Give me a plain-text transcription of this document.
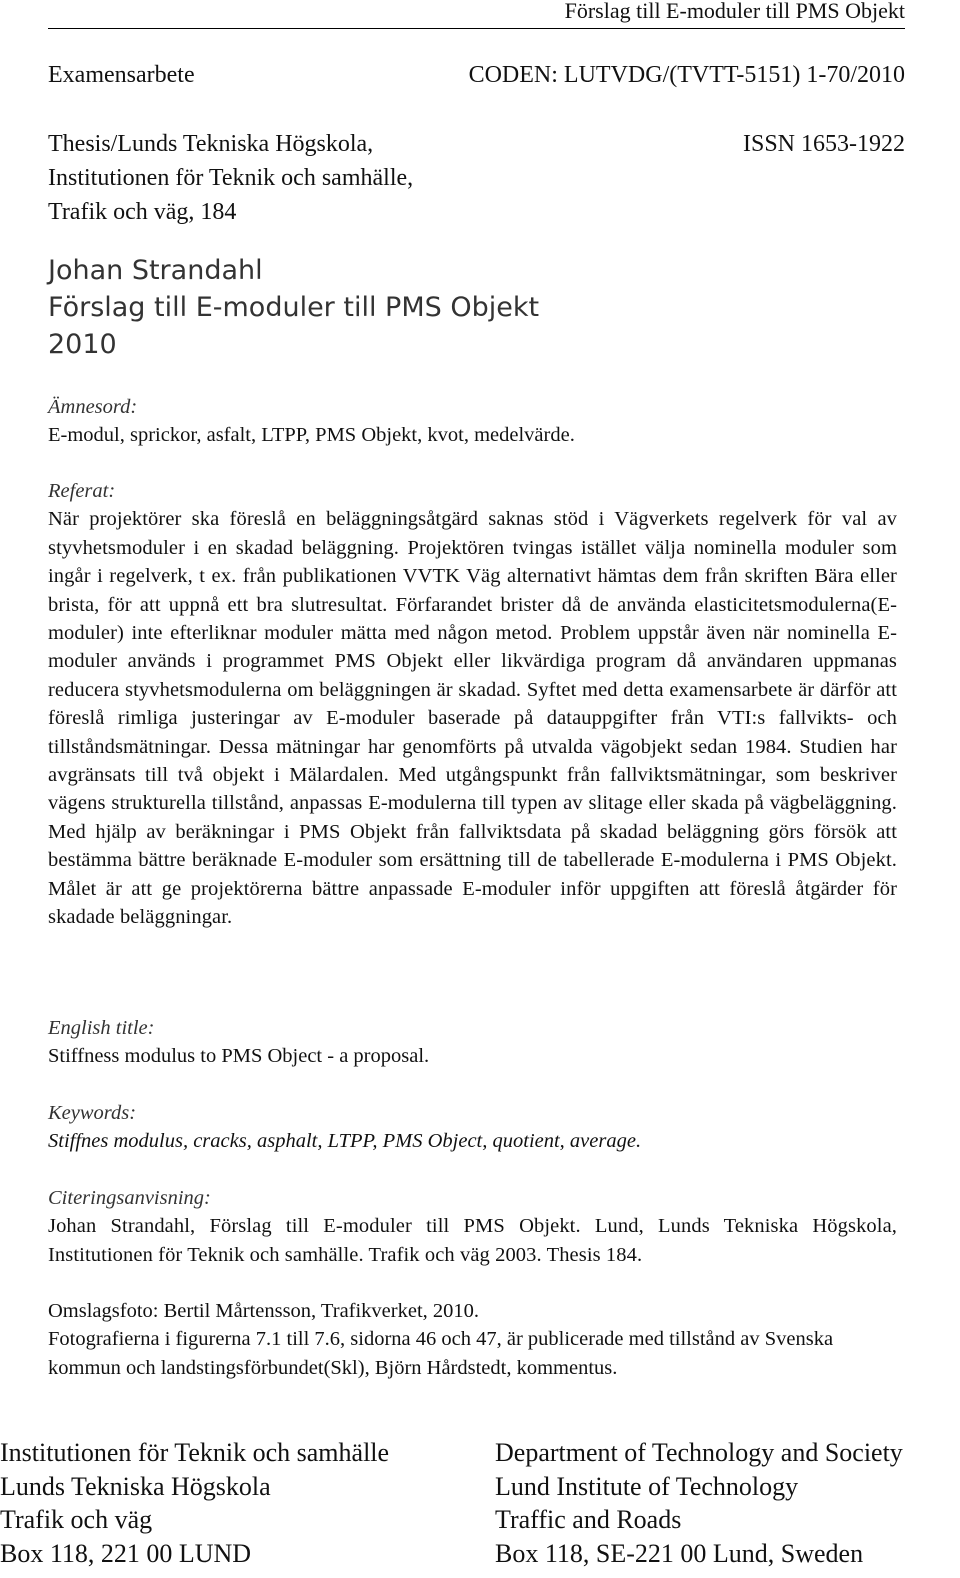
Förslag till E-moduler till PMS Objekt
Examensarbete	CODEN: LUTVDG/(TVTT-5151) 1-70/2010
Thesis/Lunds Tekniska Högskola,
Institutionen för Teknik och samhälle,
Trafik och väg, 184
ISSN 1653-1922
Johan Strandahl
Förslag till E-moduler till PMS Objekt
2010
Ämnesord:
E-modul, sprickor, asfalt, LTPP, PMS Objekt, kvot, medelvärde.
Referat:
När projektörer ska föreslå en beläggningsåtgärd saknas stöd i Vägverkets regelverk för val av styvhetsmoduler i en skadad beläggning. Projektören tvingas istället välja nominella moduler som ingår i regelverk, t ex. från publikationen VVTK Väg alternativt hämtas dem från skriften Bära eller brista, för att uppnå ett bra slutresultat. Förfarandet brister då de använda elasticitetsmodulerna(E-moduler) inte efterliknar moduler mätta med någon metod. Problem uppstår även när nominella E-moduler används i programmet PMS Objekt eller likvärdiga program då användaren uppmanas reducera styvhetsmodulerna om beläggningen är skadad. Syftet med detta examensarbete är därför att föreslå rimliga justeringar av E-moduler baserade på datauppgifter från VTI:s fallvikts- och tillståndsmätningar. Dessa mätningar har genomförts på utvalda vägobjekt sedan 1984. Studien har avgränsats till två objekt i Mälardalen. Med utgångspunkt från fallviktsmätningar, som beskriver vägens strukturella tillstånd, anpassas E-modulerna till typen av slitage eller skada på vägbeläggning. Med hjälp av beräkningar i PMS Objekt från fallviktsdata på skadad beläggning görs försök att bestämma bättre beräknade E-moduler som ersättning till de tabellerade E-modulerna i PMS Objekt. Målet är att ge projektörerna bättre anpassade E-moduler inför uppgiften att föreslå åtgärder för skadade beläggningar.
English title:
Stiffness modulus to PMS Object - a proposal.
Keywords:
Stiffnes modulus, cracks, asphalt, LTPP, PMS Object, quotient, average.
Citeringsanvisning:
Johan Strandahl, Förslag till E-moduler till PMS Objekt. Lund, Lunds Tekniska Högskola, Institutionen för Teknik och samhälle. Trafik och väg 2003. Thesis 184.
Omslagsfoto: Bertil Mårtensson, Trafikverket, 2010.
Fotografierna i figurerna 7.1 till 7.6, sidorna 46 och 47, är publicerade med tillstånd av Svenska kommun och landstingsförbundet(Skl), Björn Hårdstedt, kommentus.
Institutionen för Teknik och samhälle
Lunds Tekniska Högskola
Trafik och väg
Box 118, 221 00 LUND
Department of Technology and Society
Lund Institute of Technology
Traffic and Roads
Box 118, SE-221 00 Lund, Sweden
